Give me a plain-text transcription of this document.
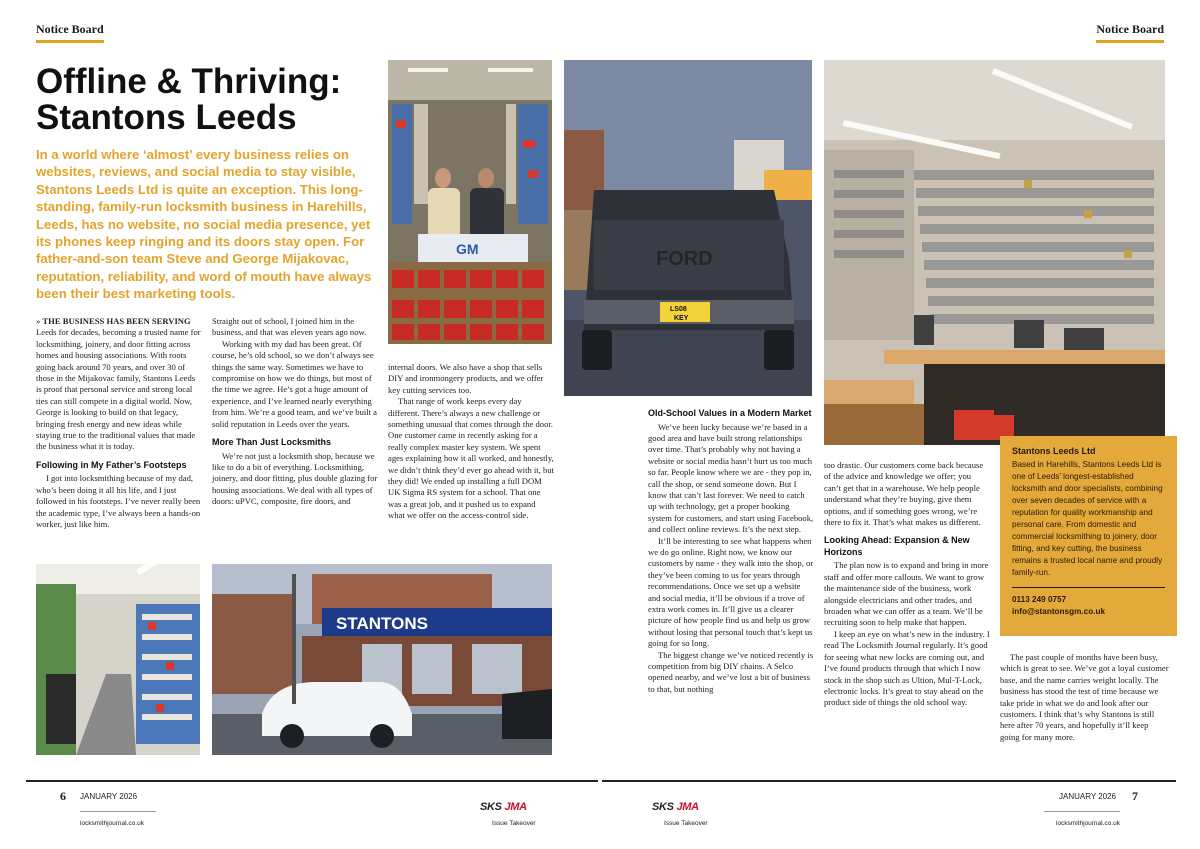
Notice Board	Notice Board
Offline & Thriving:
Stantons Leeds
In a world where ‘almost’ every business relies on websites, reviews, and social media to stay visible, Stantons Leeds Ltd is quite an exception. This long-standing, family-run locksmith business in Harehills, Leeds, has no website, no social media presence, yet its phones keep ringing and its doors stay open. For father-and-son team Steve and George Mijakovac, reputation, reliability, and word of mouth have always been their best marketing tools.
GM	FORD
LS08
KEY
STANTONS

» THE BUSINESS HAS BEEN SERVING Leeds for decades, becoming a trusted name for locksmithing, joinery, and door fitting across homes and housing associations. With roots going back around 70 years, and over 30 of those in the Mijakovac family, Stantons Leeds is proof that personal service and strong local ties can still compete in a digital world. Now, George is looking to build on that legacy, bringing fresh energy and new ideas while staying true to the traditional values that made the business what it is today.

Following in My Father’s Footsteps

I got into locksmithing because of my dad, who’s been doing it all his life, and I just followed in his footsteps. I’ve never really been the academic type, I’ve always been a hands-on worker, just like him.

Straight out of school, I joined him in the business, and that was eleven years ago now.

Working with my dad has been great. Of course, he’s old school, so we don’t always see things the same way. Sometimes we have to compromise on how we do things, but most of the time we agree. He’s got a huge amount of experience, and I’ve learned nearly everything from him. We’re a good team, and we’ve built a solid reputation in Leeds over the years.

More Than Just Locksmiths

We’re not just a locksmith shop, because we like to do a bit of everything. Locksmithing, joinery, and door fitting, plus double glazing for housing associations. We deal with all types of doors: uPVC, composite, fire doors, and

internal doors. We also have a shop that sells DIY and ironmongery products, and we offer key cutting services too.

That range of work keeps every day different. There’s always a new challenge or something unusual that comes through the door. One customer came in recently asking for a really complex master key system. We spent ages explaining how it all worked, and honestly, we didn’t think they’d ever go ahead with it, but they did! We ended up installing a full DOM UK Sigma RS system for a school. That one was a great job, and it pushed us to expand what we offer on the access-control side.

Old-School Values in a Modern Market

We’ve been lucky because we’re based in a good area and have built strong relationships over time. That’s probably why not having a website or social media hasn’t hurt us too much so far. People know where we are - they pop in, call the shop, or send someone down. But I know that can’t last forever. We need to catch up with technology, get a proper booking system for customers, and start using Facebook, and collect online reviews. It’s the next step.

It’ll be interesting to see what happens when we do go online. Right now, we know our customers by name - they walk into the shop, or they’ve been coming to us for years through recommendations. Once we set up a website and social media, it’ll be obvious if a trove of extra work comes in. It’ll give us a clearer picture of how people find us and help us grow without losing that personal touch that’s kept us going for so long.

The biggest change we’ve noticed recently is competition from big DIY chains. A Selco opened nearby, and we’ve lost a bit of business to that, but nothing

too drastic. Our customers come back because of the advice and knowledge we offer; you can’t get that in a warehouse. We help people understand what they’re buying, give them options, and if something goes wrong, we’re there to fix it. That’s what makes us different.

Looking Ahead: Expansion & New Horizons

The plan now is to expand and bring in more staff and offer more callouts. We want to grow the maintenance side of the business, work alongside electricians and other trades, and broaden what we can offer as a team. We’ll be recruiting soon to help make that happen.

I keep an eye on what’s new in the industry. I read The Locksmith Journal regularly. It’s good for seeing what new locks are coming out, and I’ve found products through that which I now stock in the shop such as Ultion, Mul-T-Lock, electronic locks. It’s great to stay ahead on the product side of things the old school way.

Stantons Leeds Ltd
Based in Harehills, Stantons Leeds Ltd is one of Leeds’ longest-established locksmith and door specialists, combining over seven decades of service with a reputation for quality workmanship and personal care. From domestic and commercial locksmithing to joinery, door fitting, and key cutting, the business remains a trusted local name and proudly family-run.
0113 249 0757
info@stantonsgm.co.uk

The past couple of months have been busy, which is great to see. We’ve got a loyal customer base, and the name carries weight locally. The business has stood the test of time because we take pride in what we do and look after our customers. I think that’s why Stantons is still here after 70 years, and hopefully it’ll keep going for many more.

6 JANUARY 2026
locksmithjournal.co.uk
SKS JMA
Issue Takeover
SKS JMA
Issue Takeover
JANUARY 2026 7
locksmithjournal.co.uk
